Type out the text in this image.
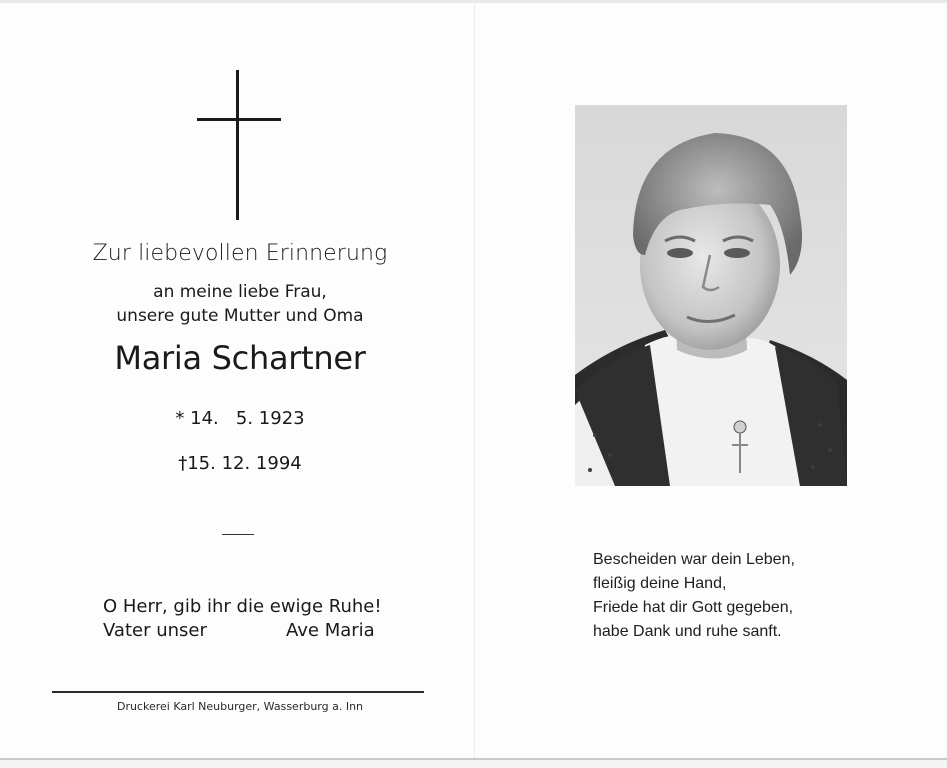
Zur liebevollen Erinnerung
an meine liebe Frau,
unsere gute Mutter und Oma
Maria Schartner
* 14.   5. 1923
†15. 12. 1994
O Herr, gib ihr die ewige Ruhe!
Vater unser	Ave Maria
Druckerei Karl Neuburger, Wasserburg a. Inn
Bescheiden war dein Leben,
fleißig deine Hand,
Friede hat dir Gott gegeben,
habe Dank und ruhe sanft.
